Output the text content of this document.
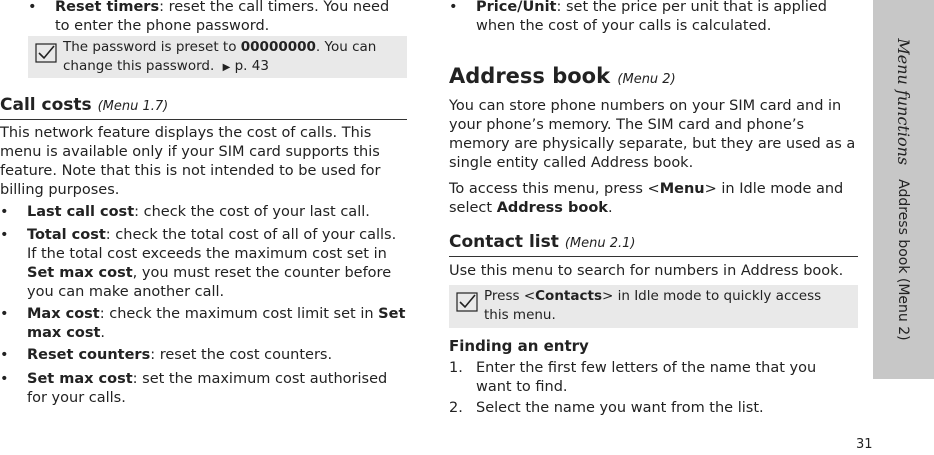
• Reset timers: reset the call timers. You need to enter the phone password.
The password is preset to 00000000. You can change this password. ▶ p. 43
Call costs (Menu 1.7)
This network feature displays the cost of calls. This menu is available only if your SIM card supports this feature. Note that this is not intended to be used for billing purposes.
• Last call cost: check the cost of your last call.
• Total cost: check the total cost of all of your calls. If the total cost exceeds the maximum cost set in Set max cost, you must reset the counter before you can make another call.
• Max cost: check the maximum cost limit set in Set max cost.
• Reset counters: reset the cost counters.
• Set max cost: set the maximum cost authorised for your calls.
• Price/Unit: set the price per unit that is applied when the cost of your calls is calculated.
Address book (Menu 2)
You can store phone numbers on your SIM card and in your phone’s memory. The SIM card and phone’s memory are physically separate, but they are used as a single entity called Address book.
To access this menu, press <Menu> in Idle mode and select Address book.
Contact list (Menu 2.1)
Use this menu to search for numbers in Address book.
Press <Contacts> in Idle mode to quickly access this menu.
Finding an entry
1. Enter the first few letters of the name that you want to find.
2. Select the name you want from the list.
Menu functions
Address book (Menu 2)
31
